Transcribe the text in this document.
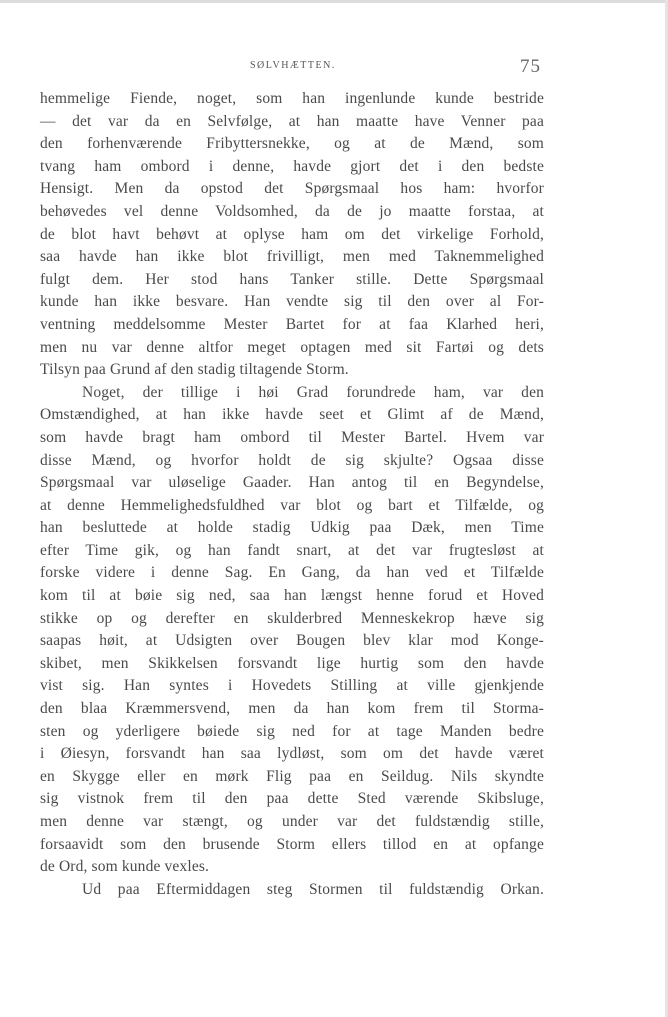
SØLVHÆTTEN.	75
hemmelige Fiende, noget, som han ingenlunde kunde bestride
— det var da en Selvfølge, at han maatte have Venner paa
den forhenværende Fribyttersnekke, og at de Mænd, som
tvang ham ombord i denne, havde gjort det i den bedste
Hensigt. Men da opstod det Spørgsmaal hos ham: hvorfor
behøvedes vel denne Voldsomhed, da de jo maatte forstaa, at
de blot havt behøvt at oplyse ham om det virkelige Forhold,
saa havde han ikke blot frivilligt, men med Taknemmelighed
fulgt dem. Her stod hans Tanker stille. Dette Spørgsmaal
kunde han ikke besvare. Han vendte sig til den over al For-
ventning meddelsomme Mester Bartet for at faa Klarhed heri,
men nu var denne altfor meget optagen med sit Fartøi og dets
Tilsyn paa Grund af den stadig tiltagende Storm.
Noget, der tillige i høi Grad forundrede ham, var den
Omstændighed, at han ikke havde seet et Glimt af de Mænd,
som havde bragt ham ombord til Mester Bartel. Hvem var
disse Mænd, og hvorfor holdt de sig skjulte? Ogsaa disse
Spørgsmaal var uløselige Gaader. Han antog til en Begyndelse,
at denne Hemmelighedsfuldhed var blot og bart et Tilfælde, og
han besluttede at holde stadig Udkig paa Dæk, men Time
efter Time gik, og han fandt snart, at det var frugtesløst at
forske videre i denne Sag. En Gang, da han ved et Tilfælde
kom til at bøie sig ned, saa han længst henne forud et Hoved
stikke op og derefter en skulderbred Menneskekrop hæve sig
saapas høit, at Udsigten over Bougen blev klar mod Konge-
skibet, men Skikkelsen forsvandt lige hurtig som den havde
vist sig. Han syntes i Hovedets Stilling at ville gjenkjende
den blaa Kræmmersvend, men da han kom frem til Storma-
sten og yderligere bøiede sig ned for at tage Manden bedre
i Øiesyn, forsvandt han saa lydløst, som om det havde været
en Skygge eller en mørk Flig paa en Seildug. Nils skyndte
sig vistnok frem til den paa dette Sted værende Skibsluge,
men denne var stængt, og under var det fuldstændig stille,
forsaavidt som den brusende Storm ellers tillod en at opfange
de Ord, som kunde vexles.
Ud paa Eftermiddagen steg Stormen til fuldstændig Orkan.
